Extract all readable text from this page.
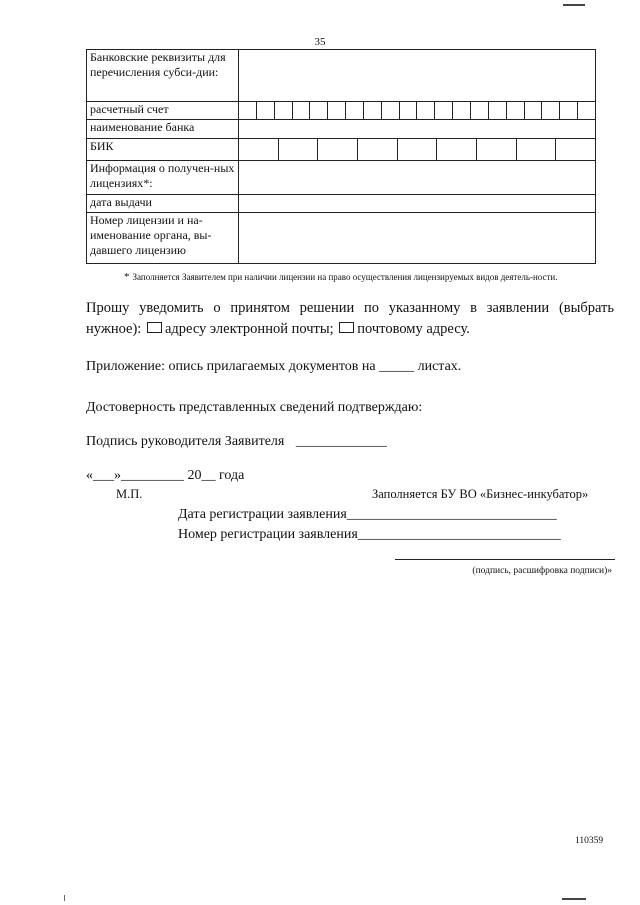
35
Банковские реквизиты для перечисления субси-дии:	
расчетный счет	

наименование банка	
БИК	

Информация о получен-ных лицензиях*:	
дата выдачи	
Номер лицензии и на-именование органа, вы-давшего лицензию	
* Заполняется Заявителем при наличии лицензии на право осуществления лицензируемых видов деятель-ности.
Прошу уведомить о принятом решении по указанному в заявлении (выбрать нужное): адресу электронной почты; почтовому адресу.
Приложение: опись прилагаемых документов на _____ листах.
Достоверность представленных сведений подтверждаю:
Подпись руководителя Заявителя _____________
«___»_________ 20__ года
М.П.	Заполняется БУ ВО «Бизнес-инкубатор»
Дата регистрации заявления______________________________
Номер регистрации заявления_____________________________
(подпись, расшифровка подписи)»
110359
